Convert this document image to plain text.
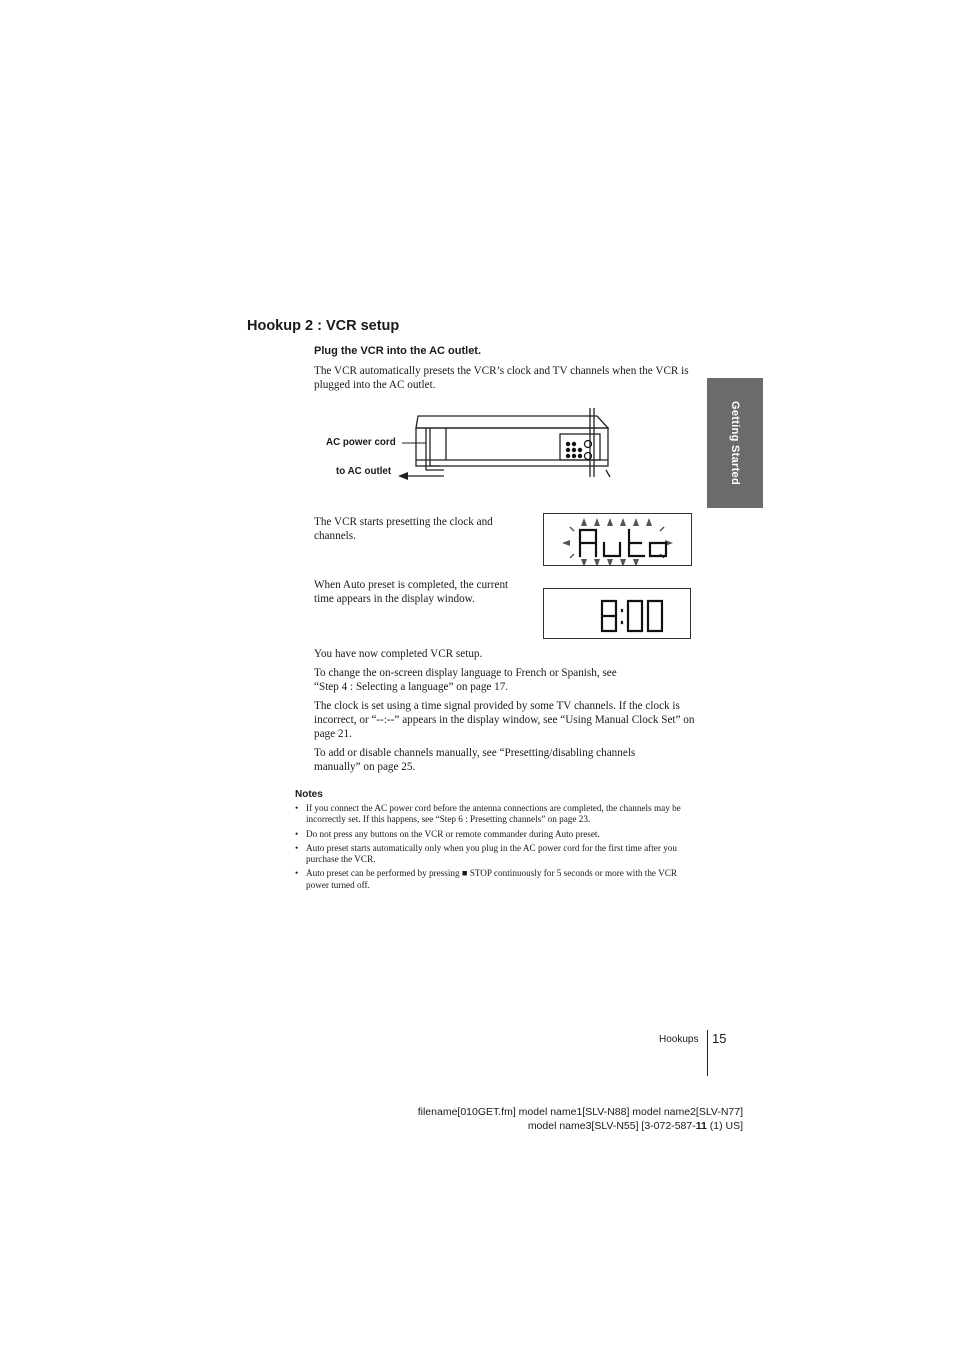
Hookup 2 : VCR setup
Plug the VCR into the AC outlet.
The VCR automatically presets the VCR’s clock and TV channels when the VCR is plugged into the AC outlet.
AC power cord
to AC outlet	Getting Started
The VCR starts presetting the clock and channels.
When Auto preset is completed, the current time appears in the display window.
You have now completed VCR setup.
To change the on-screen display language to French or Spanish, see “Step 4 : Selecting a language” on page 17.
The clock is set using a time signal provided by some TV channels. If the clock is incorrect, or “--:--” appears in the display window, see “Using Manual Clock Set” on page 21.
To add or disable channels manually, see “Presetting/disabling channels manually” on page 25.
Notes
• If you connect the AC power cord before the antenna connections are completed, the channels may be incorrectly set. If this happens, see “Step 6 : Presetting channels” on page 23.
• Do not press any buttons on the VCR or remote commander during Auto preset.
• Auto preset starts automatically only when you plug in the AC power cord for the first time after you purchase the VCR.
• Auto preset can be performed by pressing ■ STOP continuously for 5 seconds or more with the VCR power turned off.
Hookups 15
filename[010GET.fm] model name1[SLV-N88] model name2[SLV-N77]
model name3[SLV-N55] [3-072-587-11 (1) US]
